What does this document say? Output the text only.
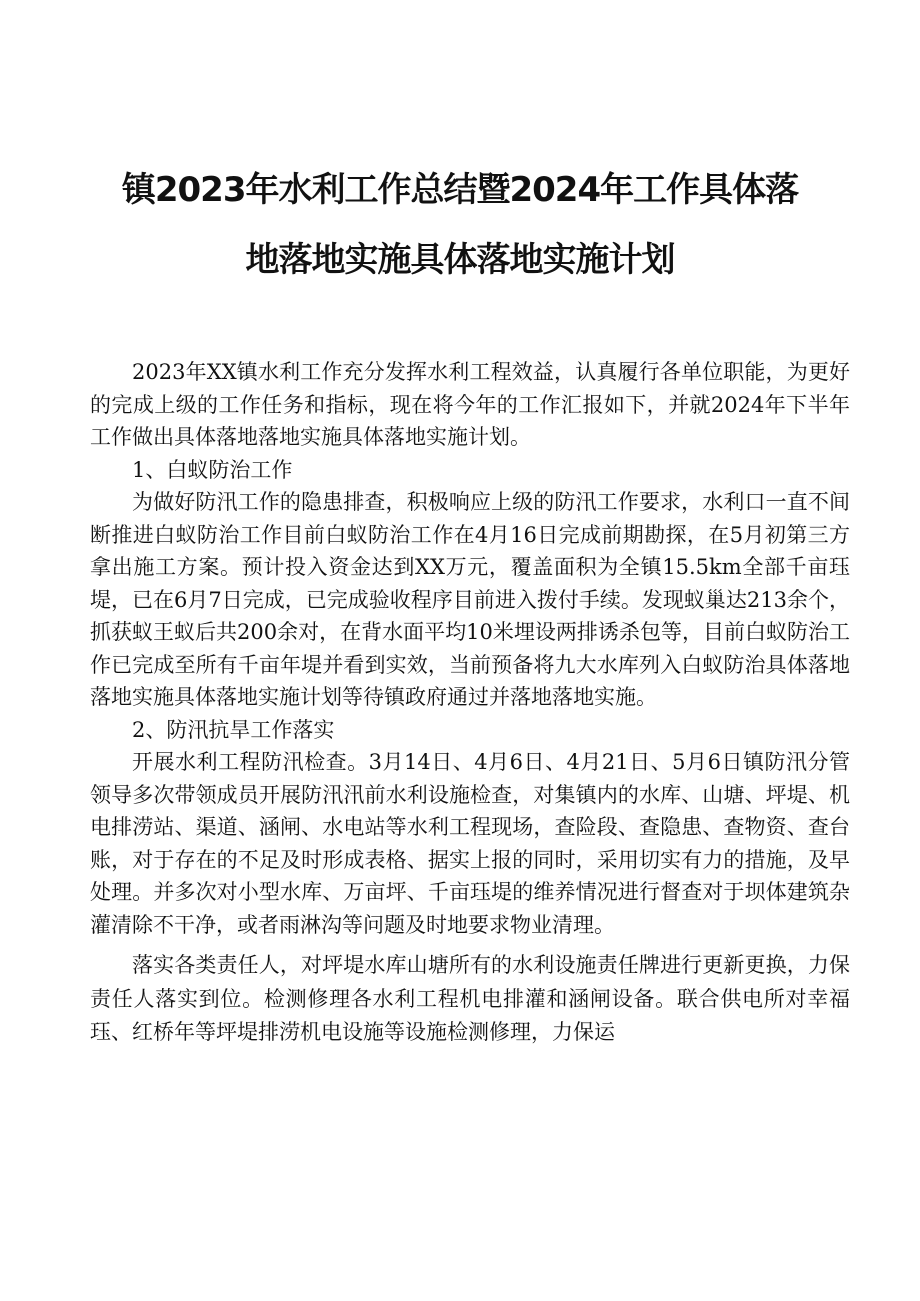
镇2023年水利工作总结暨2024年工作具体落
地落地实施具体落地实施计划

2023年XX镇水利工作充分发挥水利工程效益，认真履行各单位职能，为更好的完成上级的工作任务和指标，现在将今年的工作汇报如下，并就2024年下半年工作做出具体落地落地实施具体落地实施计划。

1、白蚁防治工作

为做好防汛工作的隐患排查，积极响应上级的防汛工作要求，水利口一直不间断推进白蚁防治工作目前白蚁防治工作在4月16日完成前期勘探，在5月初第三方拿出施工方案。预计投入资金达到XX万元，覆盖面积为全镇15.5km全部千亩珏堤，已在6月7日完成，已完成验收程序目前进入拨付手续。发现蚁巢达213余个，抓获蚁王蚁后共200余对，在背水面平均10米埋设两排诱杀包等，目前白蚁防治工作已完成至所有千亩年堤并看到实效，当前预备将九大水库列入白蚁防治具体落地落地实施具体落地实施计划等待镇政府通过并落地落地实施。

2、防汛抗旱工作落实

开展水利工程防汛检查。3月14日、4月6日、4月21日、5月6日镇防汛分管领导多次带领成员开展防汛汛前水利设施检查，对集镇内的水库、山塘、坪堤、机电排涝站、渠道、涵闸、水电站等水利工程现场，查险段、查隐患、查物资、查台账，对于存在的不足及时形成表格、据实上报的同时，采用切实有力的措施，及早处理。并多次对小型水库、万亩坪、千亩珏堤的维养情况进行督查对于坝体建筑杂灌清除不干净，或者雨淋沟等问题及时地要求物业清理。

落实各类责任人，对坪堤水库山塘所有的水利设施责任牌进行更新更换，力保责任人落实到位。检测修理各水利工程机电排灌和涵闸设备。联合供电所对幸福珏、红桥年等坪堤排涝机电设施等设施检测修理，力保运
